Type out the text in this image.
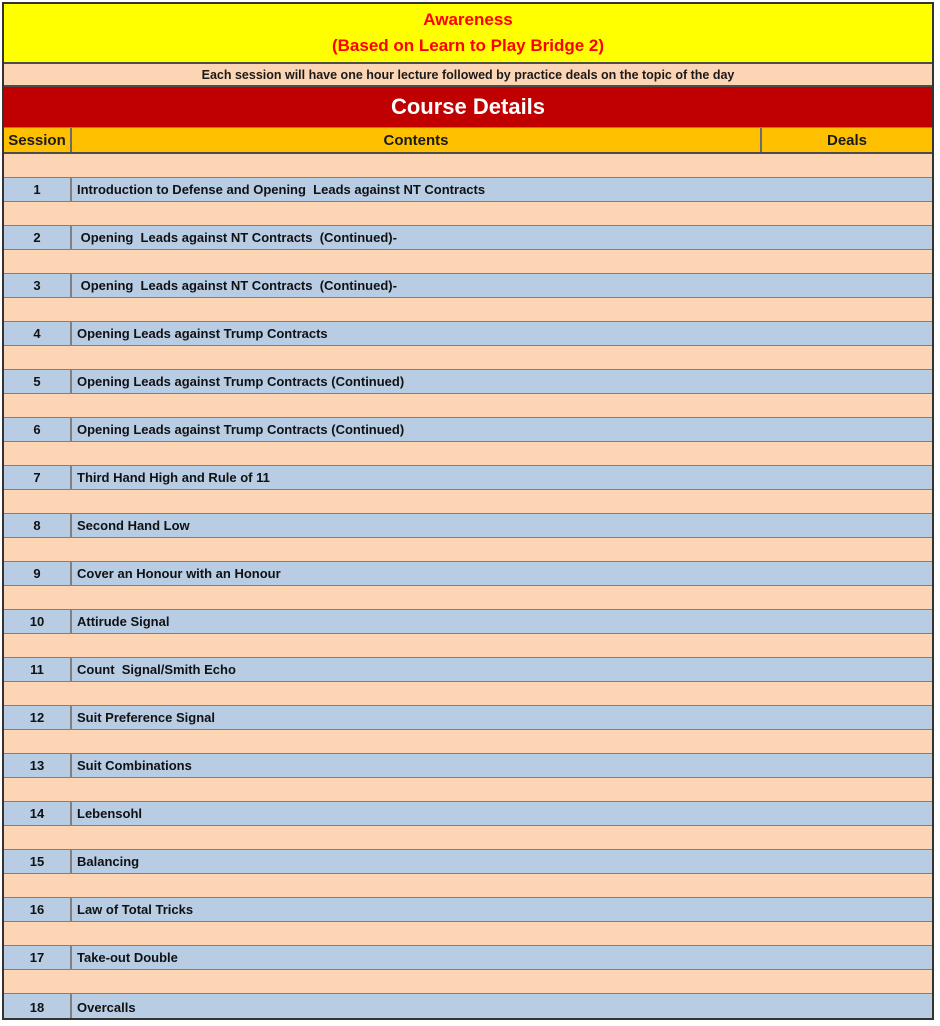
Awareness
(Based on Learn to Play Bridge 2)
Each session will have one hour lecture followed by practice deals on the topic of the day
Course Details
Session	Contents	Deals
1	Introduction to Defense and Opening  Leads against NT Contracts
2	Opening  Leads against NT Contracts  (Continued)-
3	Opening  Leads against NT Contracts  (Continued)-
4	Opening Leads against Trump Contracts
5	Opening Leads against Trump Contracts (Continued)
6	Opening Leads against Trump Contracts (Continued)
7	Third Hand High and Rule of 11
8	Second Hand Low
9	Cover an Honour with an Honour
10	Attirude Signal
11	Count  Signal/Smith Echo
12	Suit Preference Signal
13	Suit Combinations
14	Lebensohl
15	Balancing
16	Law of Total Tricks
17	Take-out Double
18	Overcalls
